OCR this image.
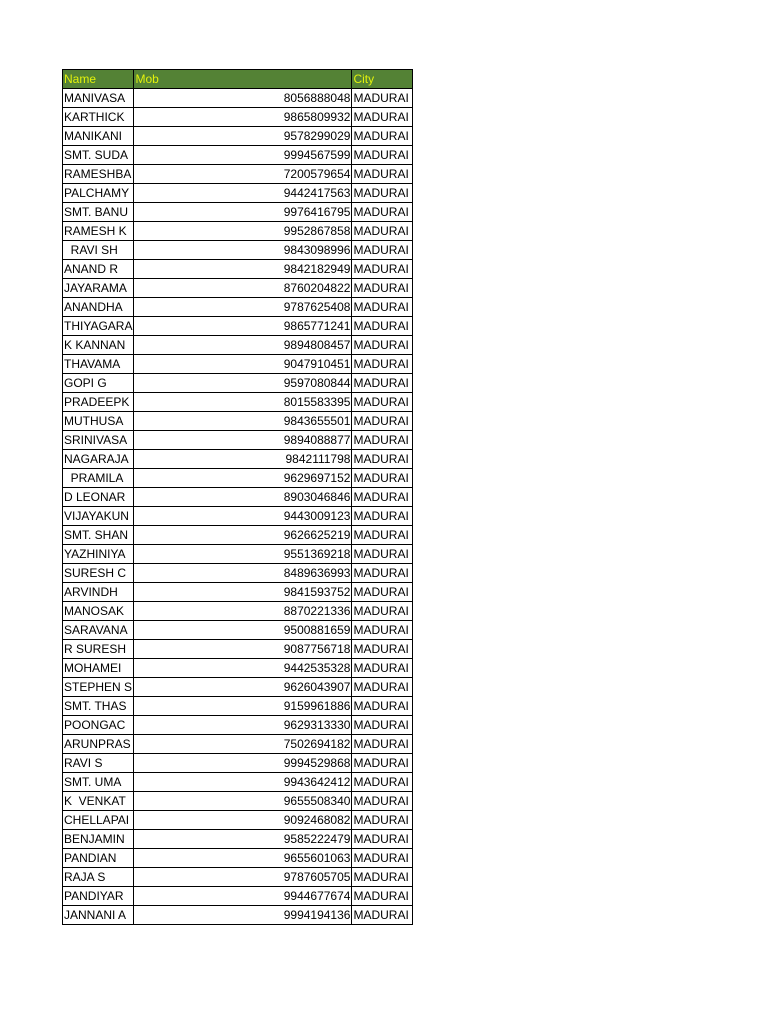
Name	Mob	City
MANIVASA	8056888048	MADURAI
KARTHICK	9865809932	MADURAI
MANIKANI	9578299029	MADURAI
SMT. SUDA	9994567599	MADURAI
RAMESHBA	7200579654	MADURAI
PALCHAMY	9442417563	MADURAI
SMT. BANU	9976416795	MADURAI
RAMESH K	9952867858	MADURAI
RAVI SH	9843098996	MADURAI
ANAND R	9842182949	MADURAI
JAYARAMA	8760204822	MADURAI
ANANDHA	9787625408	MADURAI
THIYAGARA	9865771241	MADURAI
K KANNAN	9894808457	MADURAI
THAVAMA	9047910451	MADURAI
GOPI G	9597080844	MADURAI
PRADEEPK	8015583395	MADURAI
MUTHUSA	9843655501	MADURAI
SRINIVASA	9894088877	MADURAI
NAGARAJA	9842111798	MADURAI
PRAMILA	9629697152	MADURAI
D LEONAR	8903046846	MADURAI
VIJAYAKUN	9443009123	MADURAI
SMT. SHAN	9626625219	MADURAI
YAZHINIYA	9551369218	MADURAI
SURESH C	8489636993	MADURAI
ARVINDH	9841593752	MADURAI
MANOSAK	8870221336	MADURAI
SARAVANA	9500881659	MADURAI
R SURESH	9087756718	MADURAI
MOHAMEI	9442535328	MADURAI
STEPHEN S	9626043907	MADURAI
SMT. THAS	9159961886	MADURAI
POONGAC	9629313330	MADURAI
ARUNPRAS	7502694182	MADURAI
RAVI S	9994529868	MADURAI
SMT. UMA	9943642412	MADURAI
K  VENKAT	9655508340	MADURAI
CHELLAPAI	9092468082	MADURAI
BENJAMIN	9585222479	MADURAI
PANDIAN	9655601063	MADURAI
RAJA S	9787605705	MADURAI
PANDIYAR	9944677674	MADURAI
JANNANI A	9994194136	MADURAI
